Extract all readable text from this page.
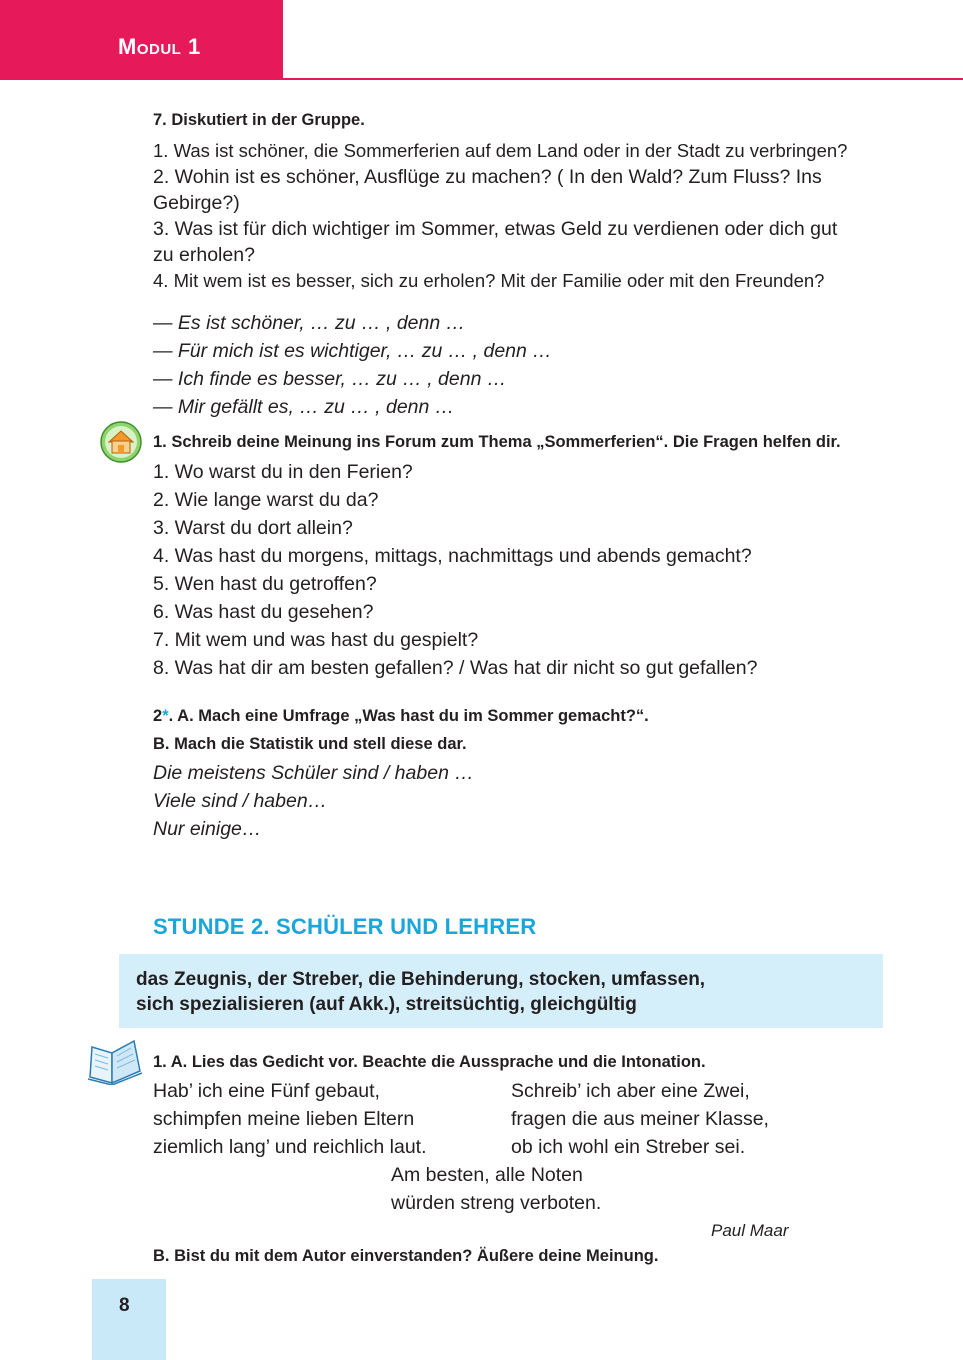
Modul 1
7. Diskutiert in der Gruppe.
1. Was ist schöner, die Sommerferien auf dem Land oder in der Stadt zu verbringen?
2. Wohin ist es schöner, Ausflüge zu machen? ( In den Wald? Zum Fluss? Ins
Gebirge?)
3. Was ist für dich wichtiger im Sommer, etwas Geld zu verdienen oder dich gut
zu erholen?
4. Mit wem ist es besser, sich zu erholen? Mit der Familie oder mit den Freunden?
— Es ist schöner, … zu … , denn …
— Für mich ist es wichtiger, … zu … , denn …
— Ich finde es besser, … zu … , denn …
— Mir gefällt es, … zu … , denn …
1. Schreib deine Meinung ins Forum zum Thema „Sommerferien“. Die Fragen helfen dir.
1. Wo warst du in den Ferien?
2. Wie lange warst du da?
3. Warst du dort allein?
4. Was hast du morgens, mittags, nachmittags und abends gemacht?
5. Wen hast du getroffen?
6. Was hast du gesehen?
7. Mit wem und was hast du gespielt?
8. Was hat dir am besten gefallen? / Was hat dir nicht so gut gefallen?
2*. A. Mach eine Umfrage „Was hast du im Sommer gemacht?“.
B. Mach die Statistik und stell diese dar.
Die meistens Schüler sind / haben …
Viele sind / haben…
Nur einige…
STUNDE 2. SCHÜLER UND LEHRER
das Zeugnis, der Streber, die Behinderung, stocken, umfassen,
sich spezialisieren (auf Akk.), streitsüchtig, gleichgültig
1. A. Lies das Gedicht vor. Beachte die Aussprache und die Intonation.
Hab’ ich eine Fünf gebaut,
schimpfen meine lieben Eltern
ziemlich lang’ und reichlich laut.
Schreib’ ich aber eine Zwei,
fragen die aus meiner Klasse,
ob ich wohl ein Streber sei.
Am besten, alle Noten
würden streng verboten.
Paul Maar
B. Bist du mit dem Autor einverstanden? Äußere deine Meinung.
8
